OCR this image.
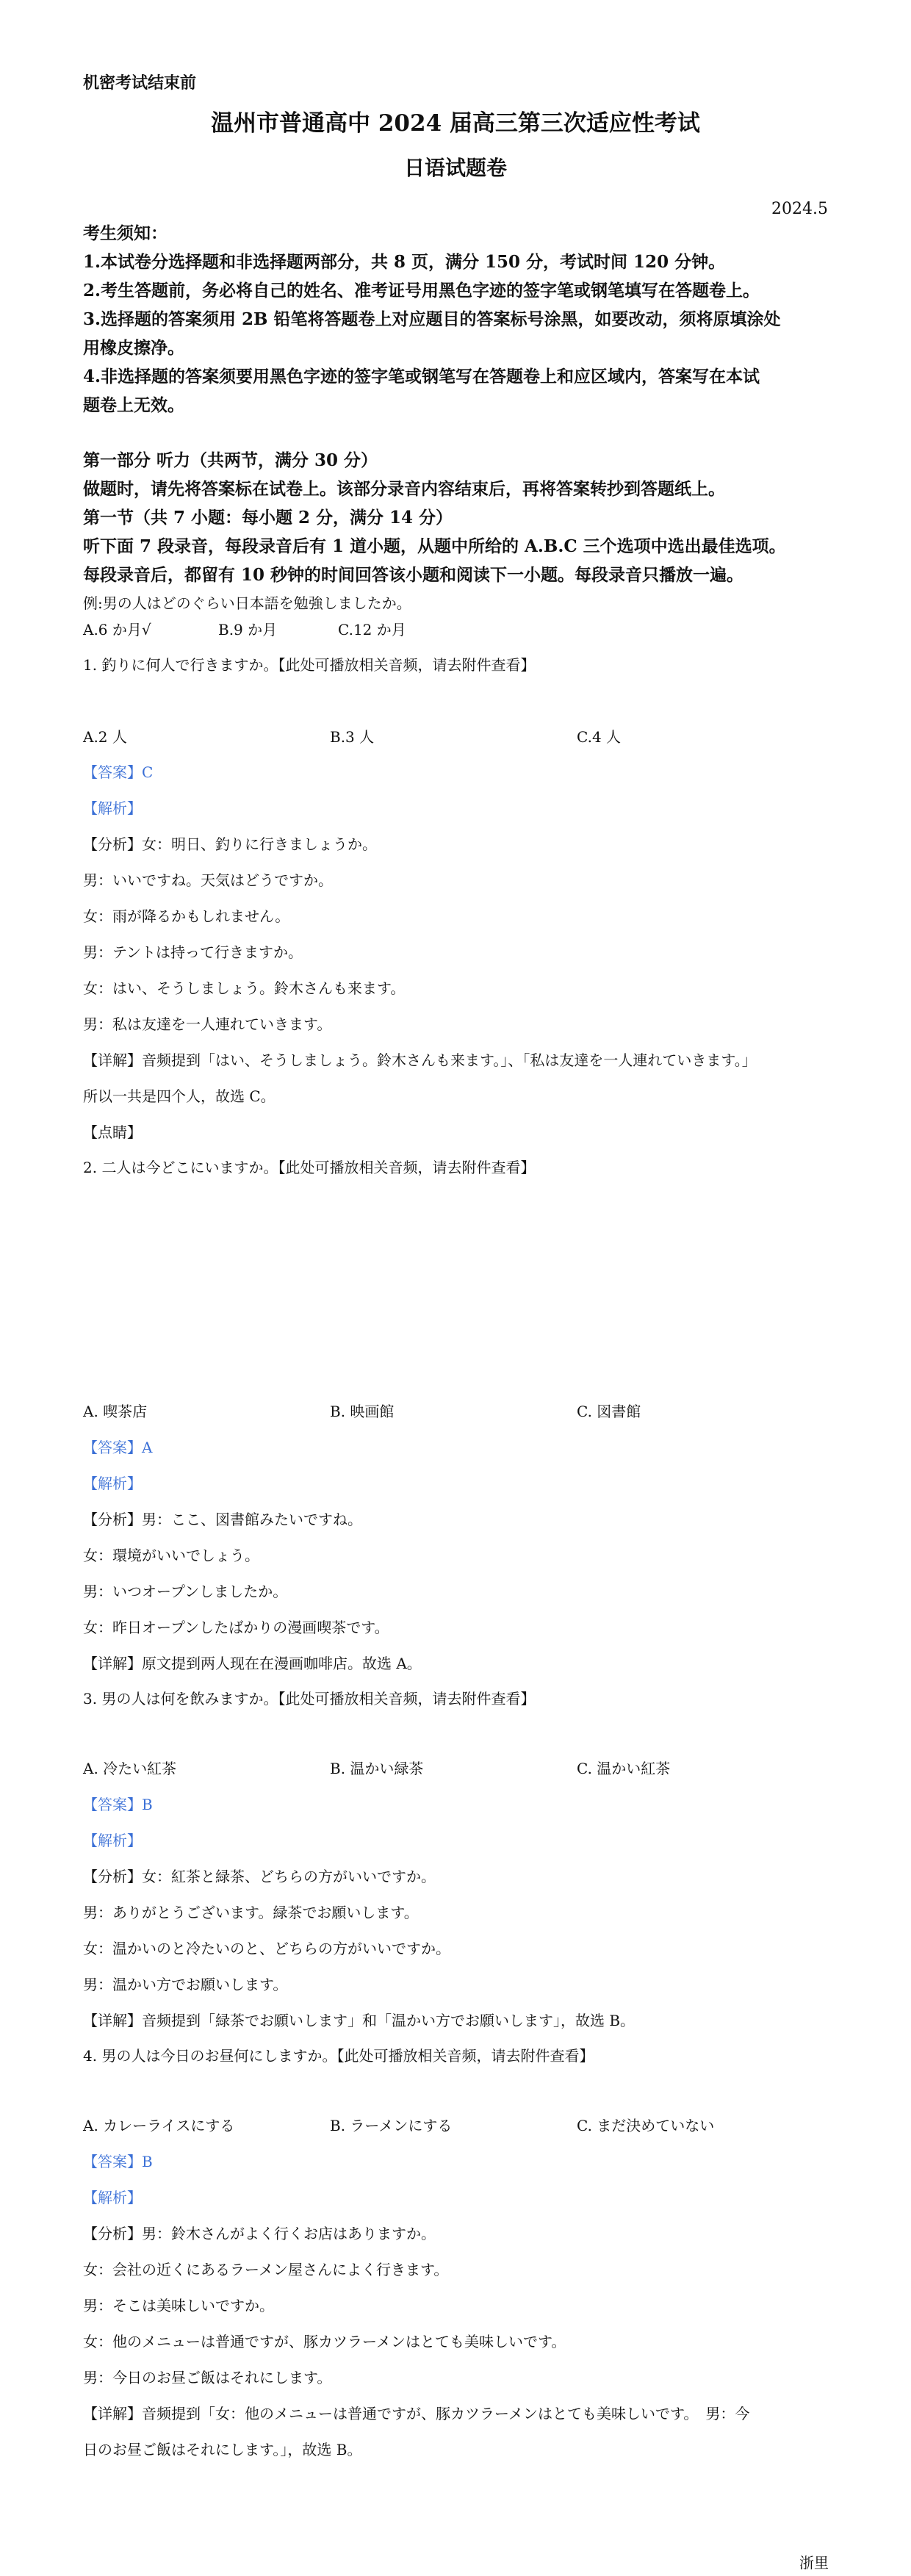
机密考试结束前
温州市普通高中 2024 届高三第三次适应性考试
日语试题卷
2024.5
考生须知：
1.本试卷分选择题和非选择题两部分，共 8 页，满分 150 分，考试时间 120 分钟。
2.考生答题前，务必将自己的姓名、准考证号用黑色字迹的签字笔或钢笔填写在答题卷上。
3.选择题的答案须用 2B 铅笔将答题卷上对应题目的答案标号涂黑，如要改动，须将原填涂处
用橡皮擦净。
4.非选择题的答案须要用黑色字迹的签字笔或钢笔写在答题卷上和应区域内，答案写在本试
题卷上无效。
第一部分 听力（共两节，满分 30 分）
做题时，请先将答案标在试卷上。该部分录音内容结束后，再将答案转抄到答题纸上。
第一节（共 7 小题：每小题 2 分，满分 14 分）
听下面 7 段录音，每段录音后有 1 道小题，从题中所给的 A.B.C 三个选项中选出最佳选项。
每段录音后，都留有 10 秒钟的时间回答该小题和阅读下一小题。每段录音只播放一遍。
例:男の人はどのぐらい日本語を勉強しましたか。
A.6 か月√	B.9 か月	C.12 か月
1. 釣りに何人で行きますか。【此处可播放相关音频，请去附件查看】
A.2 人	B.3 人	C.4 人
【答案】C
【解析】
【分析】女：明日、釣りに行きましょうか。
男：いいですね。天気はどうですか。
女：雨が降るかもしれません。
男：テントは持って行きますか。
女：はい、そうしましょう。鈴木さんも来ます。
男：私は友達を一人連れていきます。
【详解】音频提到「はい、そうしましょう。鈴木さんも来ます。」、「私は友達を一人連れていきます。」
所以一共是四个人，故选 C。
【点睛】
2. 二人は今どこにいますか。【此处可播放相关音频，请去附件查看】
A. 喫茶店	B. 映画館	C. 図書館
【答案】A
【解析】
【分析】男：ここ、図書館みたいですね。
女：環境がいいでしょう。
男：いつオープンしましたか。
女：昨日オープンしたばかりの漫画喫茶です。
【详解】原文提到两人现在在漫画咖啡店。故选 A。
3. 男の人は何を飲みますか。【此处可播放相关音频，请去附件查看】
A. 冷たい紅茶	B. 温かい緑茶	C. 温かい紅茶
【答案】B
【解析】
【分析】女：紅茶と緑茶、どちらの方がいいですか。
男：ありがとうございます。緑茶でお願いします。
女：温かいのと冷たいのと、どちらの方がいいですか。
男：温かい方でお願いします。
【详解】音频提到「緑茶でお願いします」和「温かい方でお願いします」，故选 B。
4. 男の人は今日のお昼何にしますか。【此处可播放相关音频，请去附件查看】
A. カレーライスにする	B. ラーメンにする	C. まだ決めていない
【答案】B
【解析】
【分析】男：鈴木さんがよく行くお店はありますか。
女：会社の近くにあるラーメン屋さんによく行きます。
男：そこは美味しいですか。
女：他のメニューは普通ですが、豚カツラーメンはとても美味しいです。
男：今日のお昼ご飯はそれにします。
【详解】音频提到「女：他のメニューは普通ですが、豚カツラーメンはとても美味しいです。　男：今
日のお昼ご飯はそれにします。」，故选 B。
浙里
